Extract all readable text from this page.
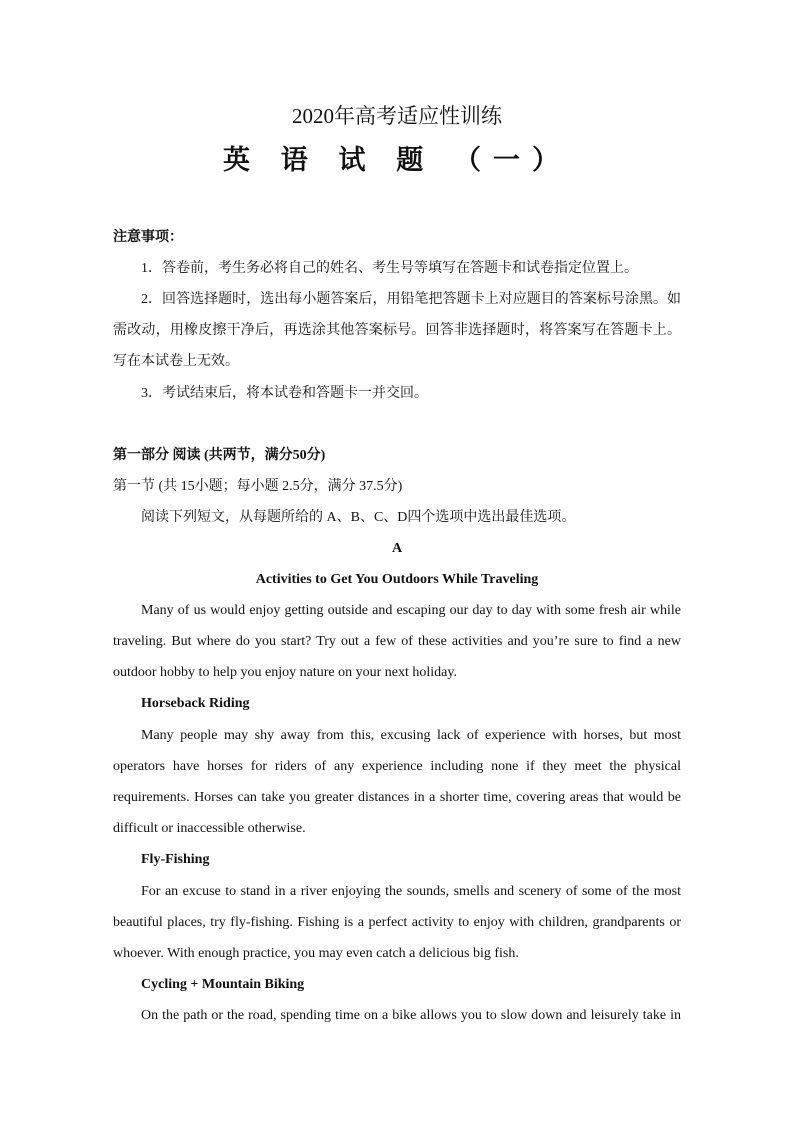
2020年高考适应性训练
英 语 试 题 （一）
注意事项：
1．答卷前，考生务必将自己的姓名、考生号等填写在答题卡和试卷指定位置上。
2．回答选择题时，选出每小题答案后，用铅笔把答题卡上对应题目的答案标号涂黑。如
需改动，用橡皮擦干净后，再选涂其他答案标号。回答非选择题时，将答案写在答题卡上。
写在本试卷上无效。
3．考试结束后，将本试卷和答题卡一并交回。
第一部分 阅读 (共两节，满分50分)
第一节 (共 15小题；每小题 2.5分，满分 37.5分)
阅读下列短文，从每题所给的 A、B、C、D四个选项中选出最佳选项。
A
Activities to Get You Outdoors While Traveling
Many of us would enjoy getting outside and escaping our day to day with some fresh air while
traveling. But where do you start? Try out a few of these activities and you’re sure to find a new
outdoor hobby to help you enjoy nature on your next holiday.
Horseback Riding
Many people may shy away from this, excusing lack of experience with horses, but most
operators have horses for riders of any experience including none if they meet the physical
requirements. Horses can take you greater distances in a shorter time, covering areas that would be
difficult or inaccessible otherwise.
Fly-Fishing
For an excuse to stand in a river enjoying the sounds, smells and scenery of some of the most
beautiful places, try fly-fishing. Fishing is a perfect activity to enjoy with children, grandparents or
whoever. With enough practice, you may even catch a delicious big fish.
Cycling + Mountain Biking
On the path or the road, spending time on a bike allows you to slow down and leisurely take in
